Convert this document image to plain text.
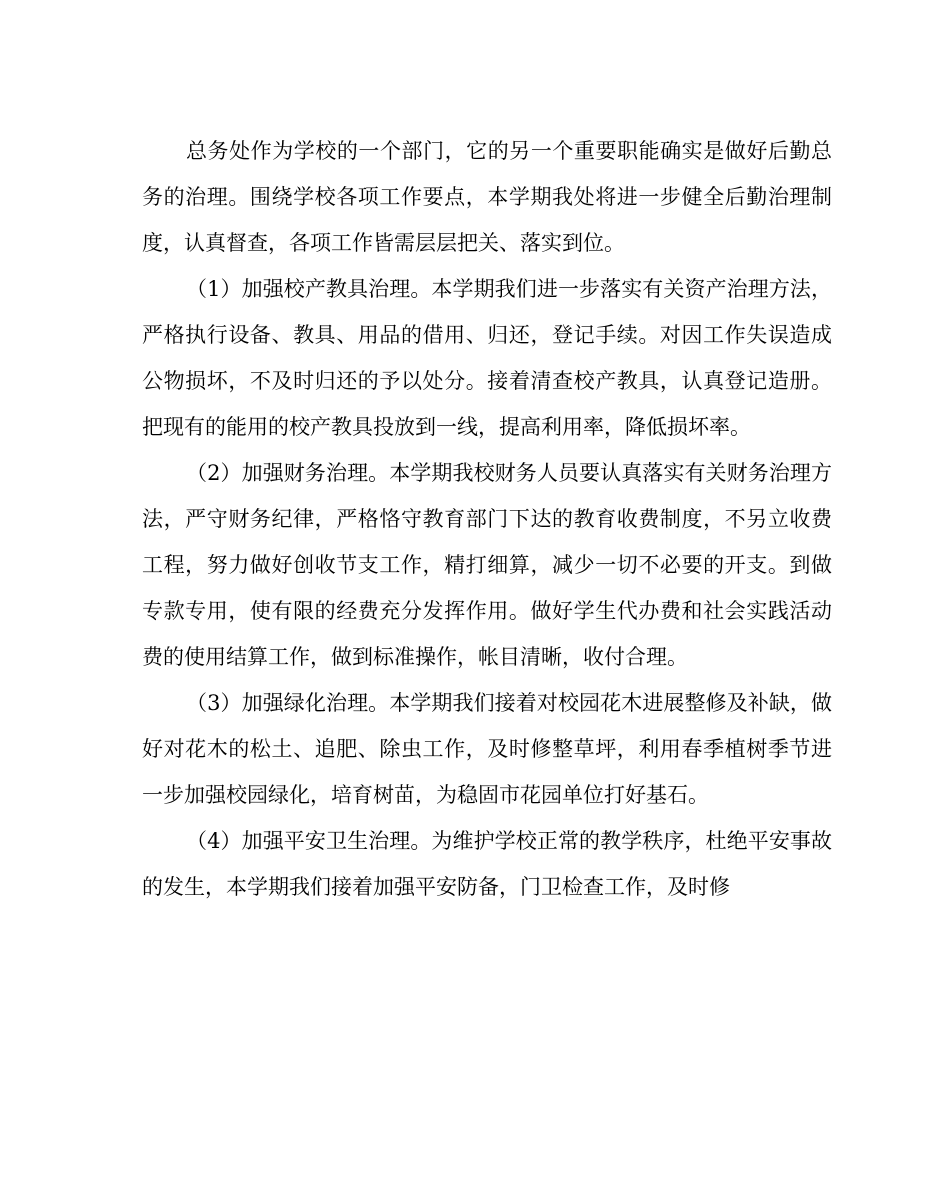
总务处作为学校的一个部门，它的另一个重要职能确实是做好后勤总务的治理。围绕学校各项工作要点，本学期我处将进一步健全后勤治理制度，认真督查，各项工作皆需层层把关、落实到位。

（1）加强校产教具治理。本学期我们进一步落实有关资产治理方法，严格执行设备、教具、用品的借用、归还，登记手续。对因工作失误造成公物损坏，不及时归还的予以处分。接着清查校产教具，认真登记造册。把现有的能用的校产教具投放到一线，提高利用率，降低损坏率。

（2）加强财务治理。本学期我校财务人员要认真落实有关财务治理方法，严守财务纪律，严格恪守教育部门下达的教育收费制度，不另立收费工程，努力做好创收节支工作，精打细算，减少一切不必要的开支。到做专款专用，使有限的经费充分发挥作用。做好学生代办费和社会实践活动费的使用结算工作，做到标准操作，帐目清晰，收付合理。

（3）加强绿化治理。本学期我们接着对校园花木进展整修及补缺，做好对花木的松土、追肥、除虫工作，及时修整草坪，利用春季植树季节进一步加强校园绿化，培育树苗，为稳固市花园单位打好基石。

（4）加强平安卫生治理。为维护学校正常的教学秩序，杜绝平安事故的发生，本学期我们接着加强平安防备，门卫检查工作，及时修
